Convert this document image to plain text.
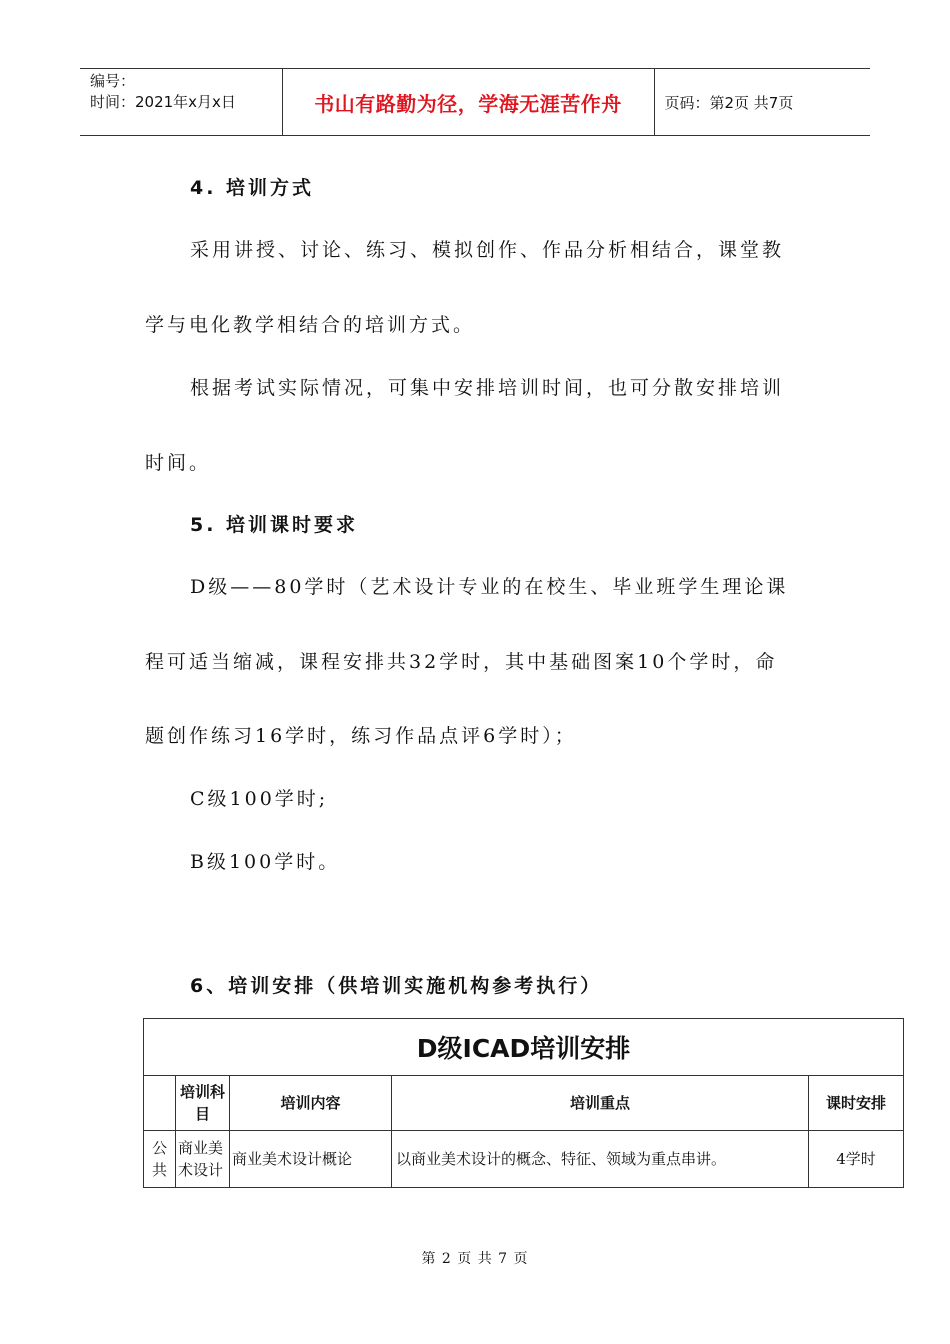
编号：
时间：2021年x月x日	书山有路勤为径，学海无涯苦作舟	页码：第2页 共7页
4. 培训方式
采用讲授、讨论、练习、模拟创作、作品分析相结合，课堂教
学与电化教学相结合的培训方式。
根据考试实际情况，可集中安排培训时间，也可分散安排培训
时间。
5. 培训课时要求
D级——80学时（艺术设计专业的在校生、毕业班学生理论课
程可适当缩减，课程安排共32学时，其中基础图案10个学时，命
题创作练习16学时，练习作品点评6学时）；
C级100学时;
B级100学时。
6、培训安排（供培训实施机构参考执行）
D级ICAD培训安排				
	培训科目	培训内容	培训重点	课时安排
公共	商业美术设计	商业美术设计概论	以商业美术设计的概念、特征、领域为重点串讲。	4学时
第 2 页 共 7 页
